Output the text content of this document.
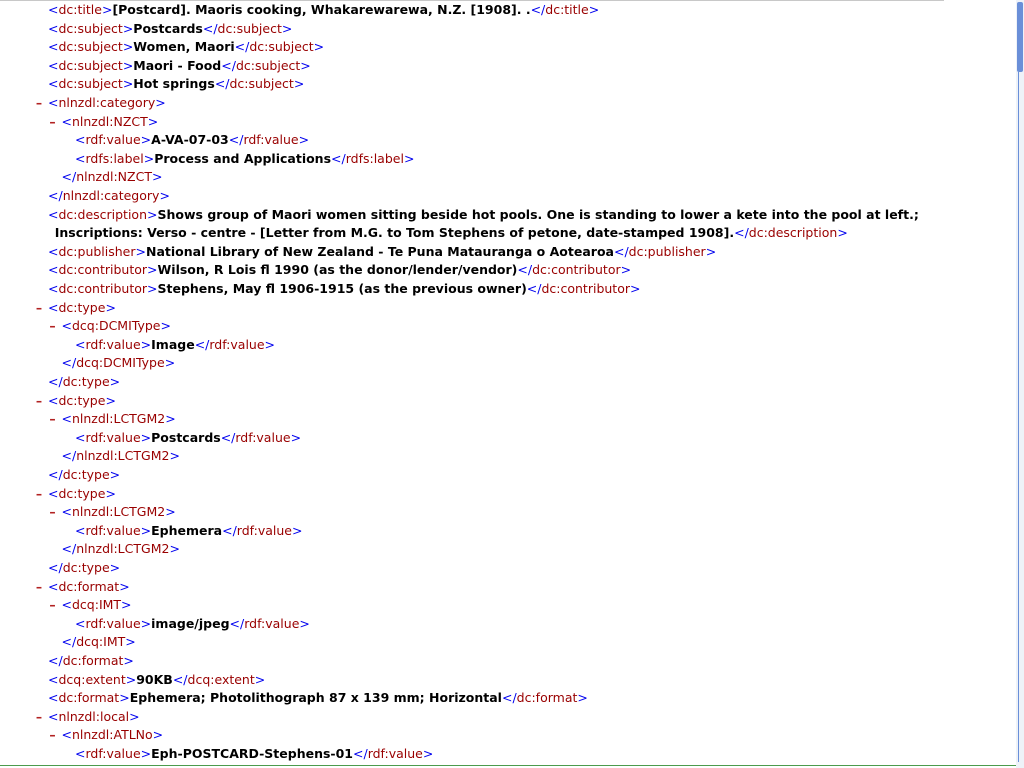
<dc:title>[Postcard]. Maoris cooking, Whakarewarewa, N.Z. [1908]. .</dc:title>
<dc:subject>Postcards</dc:subject>
<dc:subject>Women, Maori</dc:subject>
<dc:subject>Maori - Food</dc:subject>
<dc:subject>Hot springs</dc:subject>
– <nlnzdl:category>
– <nlnzdl:NZCT>
<rdf:value>A-VA-07-03</rdf:value>
<rdfs:label>Process and Applications</rdfs:label>
</nlnzdl:NZCT>
</nlnzdl:category>
<dc:description>Shows group of Maori women sitting beside hot pools. One is standing to lower a kete into the pool at left.;
Inscriptions: Verso - centre - [Letter from M.G. to Tom Stephens of petone, date-stamped 1908].</dc:description>
<dc:publisher>National Library of New Zealand - Te Puna Matauranga o Aotearoa</dc:publisher>
<dc:contributor>Wilson, R Lois fl 1990 (as the donor/lender/vendor)</dc:contributor>
<dc:contributor>Stephens, May fl 1906-1915 (as the previous owner)</dc:contributor>
– <dc:type>
– <dcq:DCMIType>
<rdf:value>Image</rdf:value>
</dcq:DCMIType>
</dc:type>
– <dc:type>
– <nlnzdl:LCTGM2>
<rdf:value>Postcards</rdf:value>
</nlnzdl:LCTGM2>
</dc:type>
– <dc:type>
– <nlnzdl:LCTGM2>
<rdf:value>Ephemera</rdf:value>
</nlnzdl:LCTGM2>
</dc:type>
– <dc:format>
– <dcq:IMT>
<rdf:value>image/jpeg</rdf:value>
</dcq:IMT>
</dc:format>
<dcq:extent>90KB</dcq:extent>
<dc:format>Ephemera; Photolithograph 87 x 139 mm; Horizontal</dc:format>
– <nlnzdl:local>
– <nlnzdl:ATLNo>
<rdf:value>Eph-POSTCARD-Stephens-01</rdf:value>
